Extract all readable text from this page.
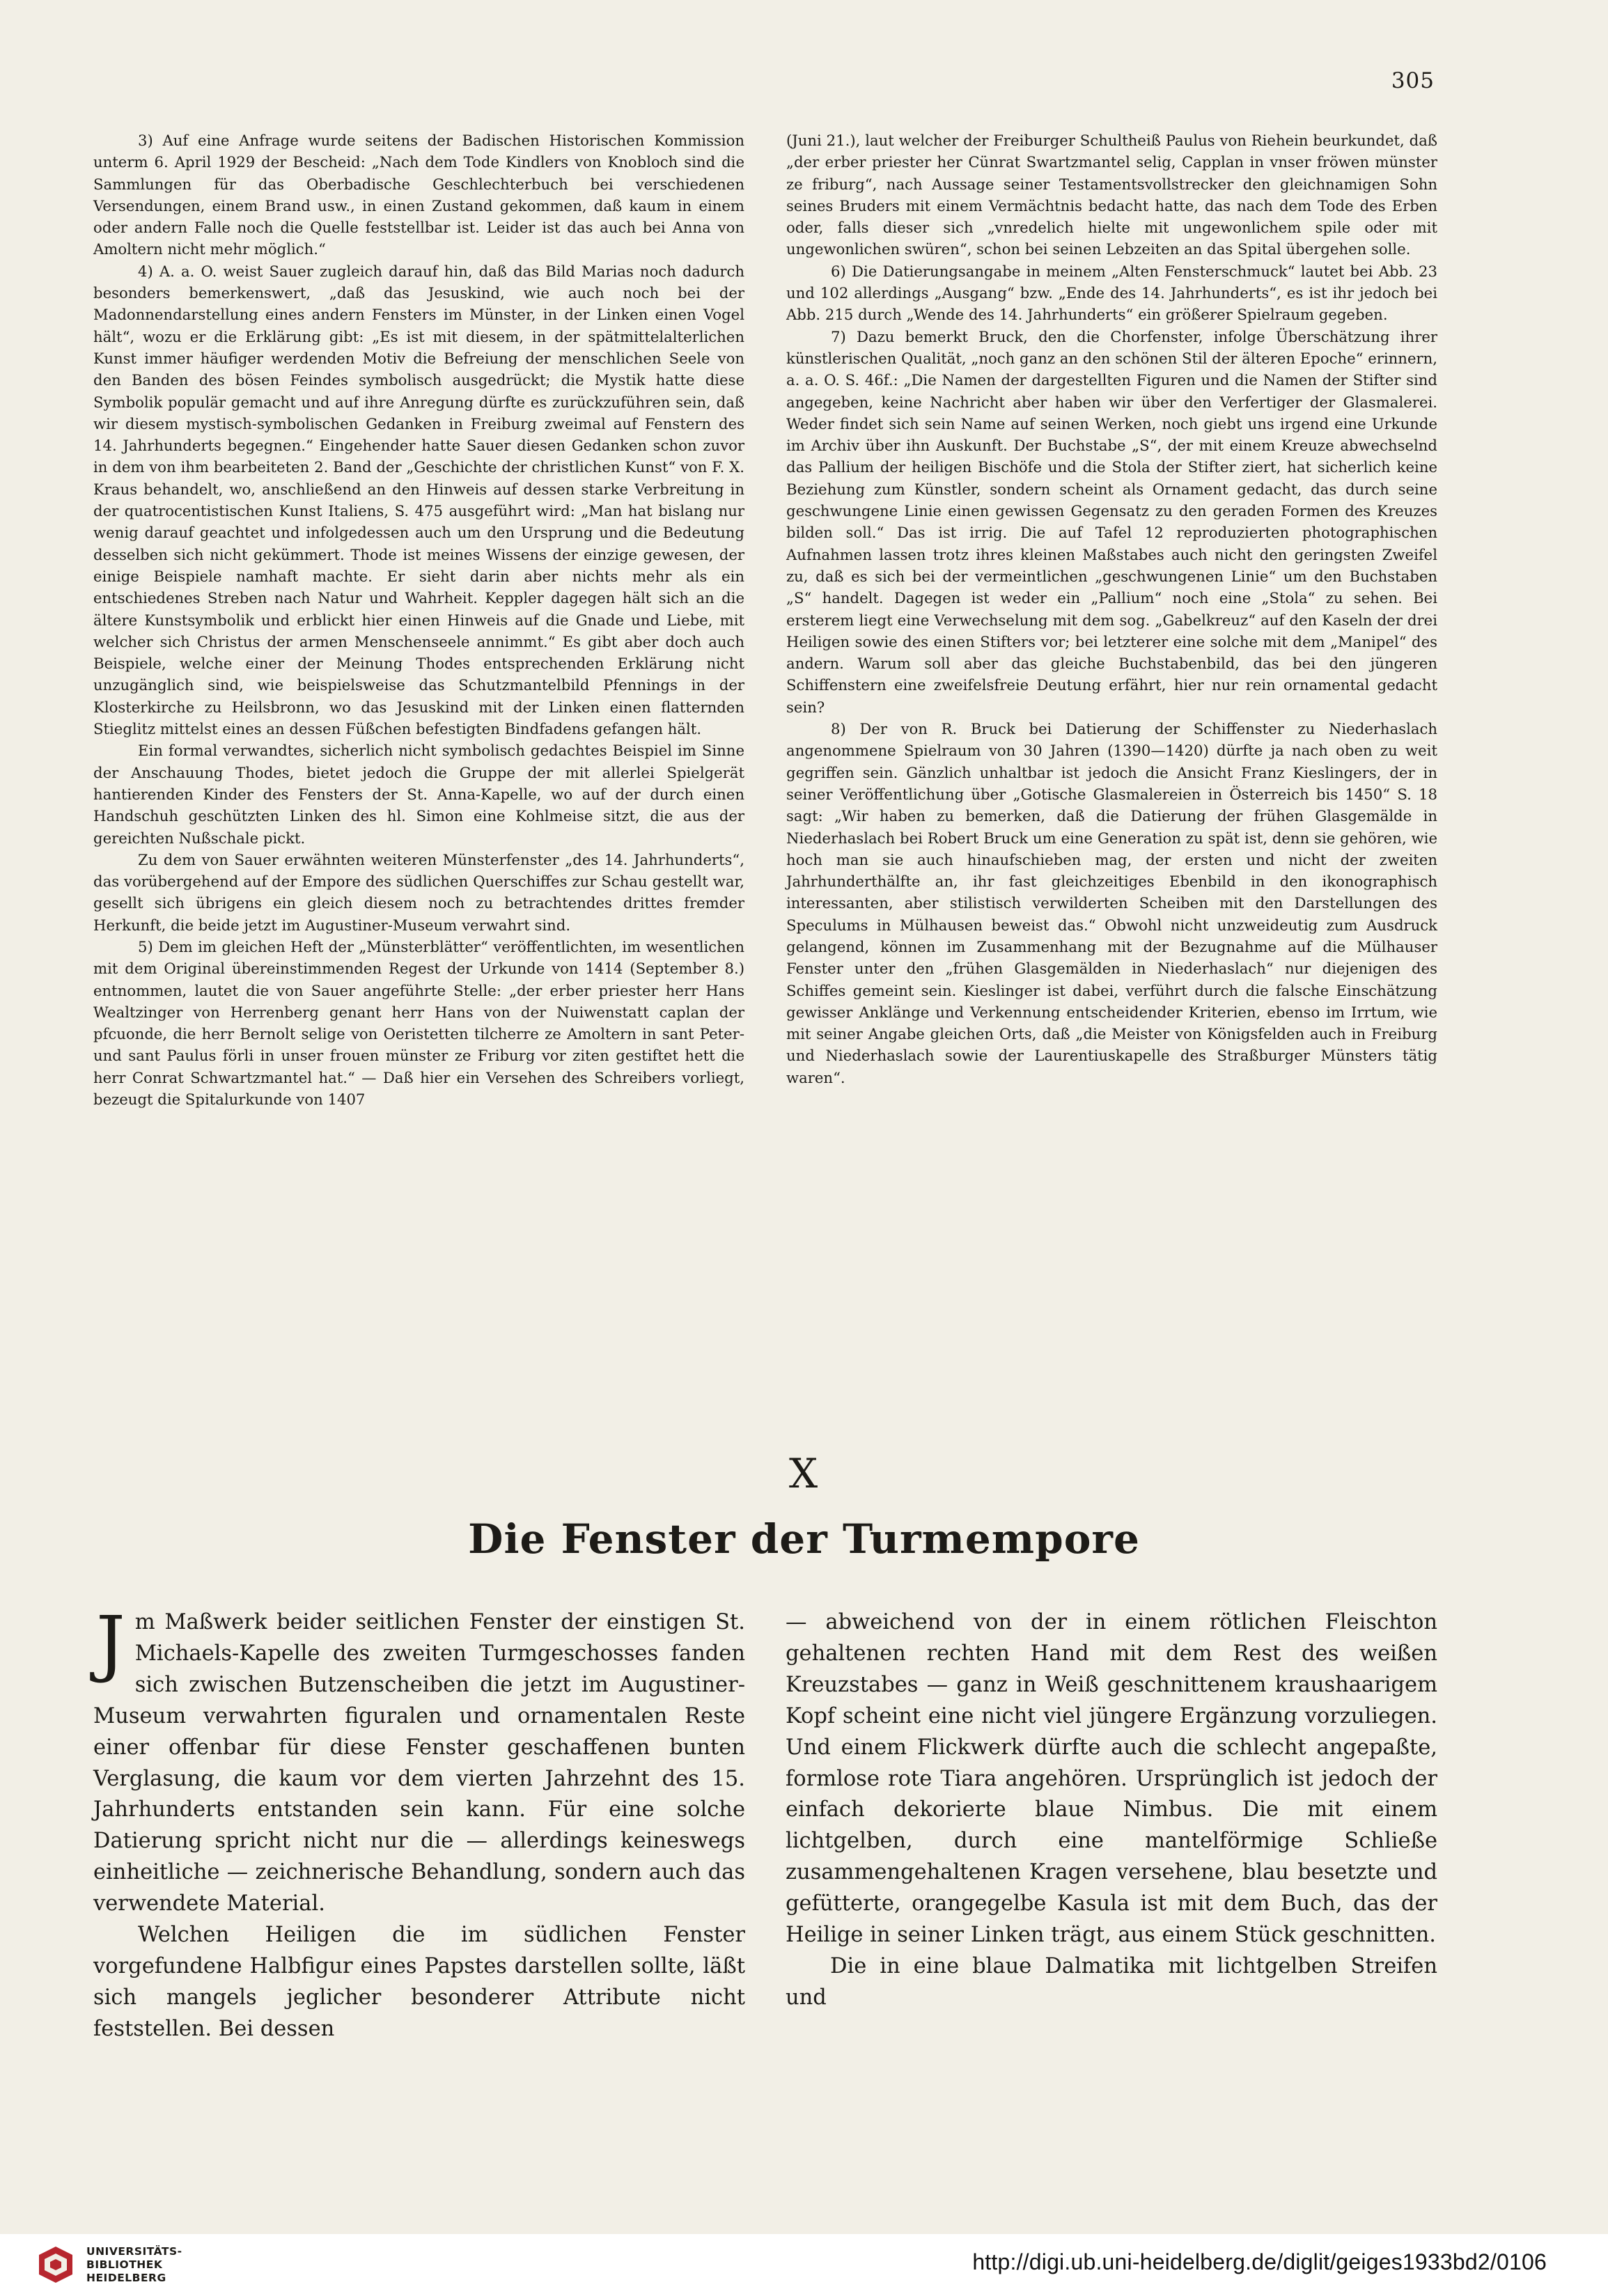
305

3) Auf eine Anfrage wurde seitens der Badischen Historischen Kommission unterm 6. April 1929 der Bescheid: „Nach dem Tode Kindlers von Knobloch sind die Sammlungen für das Oberbadische Geschlechterbuch bei verschiedenen Versendungen, einem Brand usw., in einen Zustand gekommen, daß kaum in einem oder andern Falle noch die Quelle feststellbar ist. Leider ist das auch bei Anna von Amoltern nicht mehr möglich.“

4) A. a. O. weist Sauer zugleich darauf hin, daß das Bild Marias noch dadurch besonders bemerkenswert, „daß das Jesuskind, wie auch noch bei der Madonnendarstellung eines andern Fensters im Münster, in der Linken einen Vogel hält“, wozu er die Erklärung gibt: „Es ist mit diesem, in der spätmittelalterlichen Kunst immer häufiger werdenden Motiv die Befreiung der menschlichen Seele von den Banden des bösen Feindes symbolisch ausgedrückt; die Mystik hatte diese Symbolik populär gemacht und auf ihre Anregung dürfte es zurückzuführen sein, daß wir diesem mystisch-symbolischen Gedanken in Freiburg zweimal auf Fenstern des 14. Jahrhunderts begegnen.“ Eingehender hatte Sauer diesen Gedanken schon zuvor in dem von ihm bearbeiteten 2. Band der „Geschichte der christlichen Kunst“ von F. X. Kraus behandelt, wo, anschließend an den Hinweis auf dessen starke Verbreitung in der quatrocentistischen Kunst Italiens, S. 475 ausgeführt wird: „Man hat bislang nur wenig darauf geachtet und infolgedessen auch um den Ursprung und die Bedeutung desselben sich nicht gekümmert. Thode ist meines Wissens der einzige gewesen, der einige Beispiele namhaft machte. Er sieht darin aber nichts mehr als ein entschiedenes Streben nach Natur und Wahrheit. Keppler dagegen hält sich an die ältere Kunstsymbolik und erblickt hier einen Hinweis auf die Gnade und Liebe, mit welcher sich Christus der armen Menschenseele annimmt.“ Es gibt aber doch auch Beispiele, welche einer der Meinung Thodes entsprechenden Erklärung nicht unzugänglich sind, wie beispielsweise das Schutzmantelbild Pfennings in der Klosterkirche zu Heilsbronn, wo das Jesuskind mit der Linken einen flatternden Stieglitz mittelst eines an dessen Füßchen befestigten Bindfadens gefangen hält.

Ein formal verwandtes, sicherlich nicht symbolisch gedachtes Beispiel im Sinne der Anschauung Thodes, bietet jedoch die Gruppe der mit allerlei Spielgerät hantierenden Kinder des Fensters der St. Anna-Kapelle, wo auf der durch einen Handschuh geschützten Linken des hl. Simon eine Kohlmeise sitzt, die aus der gereichten Nußschale pickt.

Zu dem von Sauer erwähnten weiteren Münsterfenster „des 14. Jahrhunderts“, das vorübergehend auf der Empore des südlichen Querschiffes zur Schau gestellt war, gesellt sich übrigens ein gleich diesem noch zu betrachtendes drittes fremder Herkunft, die beide jetzt im Augustiner-Museum verwahrt sind.

5) Dem im gleichen Heft der „Münsterblätter“ veröffentlichten, im wesentlichen mit dem Original übereinstimmenden Regest der Urkunde von 1414 (September 8.) entnommen, lautet die von Sauer angeführte Stelle: „der erber priester herr Hans Wealtzinger von Herrenberg genant herr Hans von der Nuiwenstatt caplan der pfcuonde, die herr Bernolt selige von Oeristetten tilcherre ze Amoltern in sant Peter- und sant Paulus förli in unser frouen münster ze Friburg vor ziten gestiftet hett die herr Conrat Schwartzmantel hat.“ — Daß hier ein Versehen des Schreibers vorliegt, bezeugt die Spitalurkunde von 1407

(Juni 21.), laut welcher der Freiburger Schultheiß Paulus von Riehein beurkundet, daß „der erber priester her Cünrat Swartzmantel selig, Capplan in vnser fröwen münster ze friburg“, nach Aussage seiner Testamentsvollstrecker den gleichnamigen Sohn seines Bruders mit einem Vermächtnis bedacht hatte, das nach dem Tode des Erben oder, falls dieser sich „vnredelich hielte mit ungewonlichem spile oder mit ungewonlichen swüren“, schon bei seinen Lebzeiten an das Spital übergehen solle.

6) Die Datierungsangabe in meinem „Alten Fensterschmuck“ lautet bei Abb. 23 und 102 allerdings „Ausgang“ bzw. „Ende des 14. Jahrhunderts“, es ist ihr jedoch bei Abb. 215 durch „Wende des 14. Jahrhunderts“ ein größerer Spielraum gegeben.

7) Dazu bemerkt Bruck, den die Chorfenster, infolge Überschätzung ihrer künstlerischen Qualität, „noch ganz an den schönen Stil der älteren Epoche“ erinnern, a. a. O. S. 46f.: „Die Namen der dargestellten Figuren und die Namen der Stifter sind angegeben, keine Nachricht aber haben wir über den Verfertiger der Glasmalerei. Weder findet sich sein Name auf seinen Werken, noch giebt uns irgend eine Urkunde im Archiv über ihn Auskunft. Der Buchstabe „S“, der mit einem Kreuze abwechselnd das Pallium der heiligen Bischöfe und die Stola der Stifter ziert, hat sicherlich keine Beziehung zum Künstler, sondern scheint als Ornament gedacht, das durch seine geschwungene Linie einen gewissen Gegensatz zu den geraden Formen des Kreuzes bilden soll.“ Das ist irrig. Die auf Tafel 12 reproduzierten photographischen Aufnahmen lassen trotz ihres kleinen Maßstabes auch nicht den geringsten Zweifel zu, daß es sich bei der vermeintlichen „geschwungenen Linie“ um den Buchstaben „S“ handelt. Dagegen ist weder ein „Pallium“ noch eine „Stola“ zu sehen. Bei ersterem liegt eine Verwechselung mit dem sog. „Gabelkreuz“ auf den Kaseln der drei Heiligen sowie des einen Stifters vor; bei letzterer eine solche mit dem „Manipel“ des andern. Warum soll aber das gleiche Buchstabenbild, das bei den jüngeren Schiffenstern eine zweifelsfreie Deutung erfährt, hier nur rein ornamental gedacht sein?

8) Der von R. Bruck bei Datierung der Schiffenster zu Niederhaslach angenommene Spielraum von 30 Jahren (1390—1420) dürfte ja nach oben zu weit gegriffen sein. Gänzlich unhaltbar ist jedoch die Ansicht Franz Kieslingers, der in seiner Veröffentlichung über „Gotische Glasmalereien in Österreich bis 1450“ S. 18 sagt: „Wir haben zu bemerken, daß die Datierung der frühen Glasgemälde in Niederhaslach bei Robert Bruck um eine Generation zu spät ist, denn sie gehören, wie hoch man sie auch hinaufschieben mag, der ersten und nicht der zweiten Jahrhunderthälfte an, ihr fast gleichzeitiges Ebenbild in den ikonographisch interessanten, aber stilistisch verwilderten Scheiben mit den Darstellungen des Speculums in Mülhausen beweist das.“ Obwohl nicht unzweideutig zum Ausdruck gelangend, können im Zusammenhang mit der Bezugnahme auf die Mülhauser Fenster unter den „frühen Glasgemälden in Niederhaslach“ nur diejenigen des Schiffes gemeint sein. Kieslinger ist dabei, verführt durch die falsche Einschätzung gewisser Anklänge und Verkennung entscheidender Kriterien, ebenso im Irrtum, wie mit seiner Angabe gleichen Orts, daß „die Meister von Königsfelden auch in Freiburg und Niederhaslach sowie der Laurentiuskapelle des Straßburger Münsters tätig waren“.

X
Die Fenster der Turmempore

Jm Maßwerk beider seitlichen Fenster der einstigen St. Michaels-Kapelle des zweiten Turmgeschosses fanden sich zwischen Butzenscheiben die jetzt im Augustiner-Museum verwahrten figuralen und ornamentalen Reste einer offenbar für diese Fenster geschaffenen bunten Verglasung, die kaum vor dem vierten Jahrzehnt des 15. Jahrhunderts entstanden sein kann. Für eine solche Datierung spricht nicht nur die — allerdings keineswegs einheitliche — zeichnerische Behandlung, sondern auch das verwendete Material.

Welchen Heiligen die im südlichen Fenster vorgefundene Halbfigur eines Papstes darstellen sollte, läßt sich mangels jeglicher besonderer Attribute nicht feststellen. Bei dessen

— abweichend von der in einem rötlichen Fleischton gehaltenen rechten Hand mit dem Rest des weißen Kreuzstabes — ganz in Weiß geschnittenem kraushaarigem Kopf scheint eine nicht viel jüngere Ergänzung vorzuliegen. Und einem Flickwerk dürfte auch die schlecht angepaßte, formlose rote Tiara angehören. Ursprünglich ist jedoch der einfach dekorierte blaue Nimbus. Die mit einem lichtgelben, durch eine mantelförmige Schließe zusammengehaltenen Kragen versehene, blau besetzte und gefütterte, orangegelbe Kasula ist mit dem Buch, das der Heilige in seiner Linken trägt, aus einem Stück geschnitten.

Die in eine blaue Dalmatika mit lichtgelben Streifen und

UNIVERSITÄTS-
BIBLIOTHEK
HEIDELBERG
http://digi.ub.uni-heidelberg.de/diglit/geiges1933bd2/0106
